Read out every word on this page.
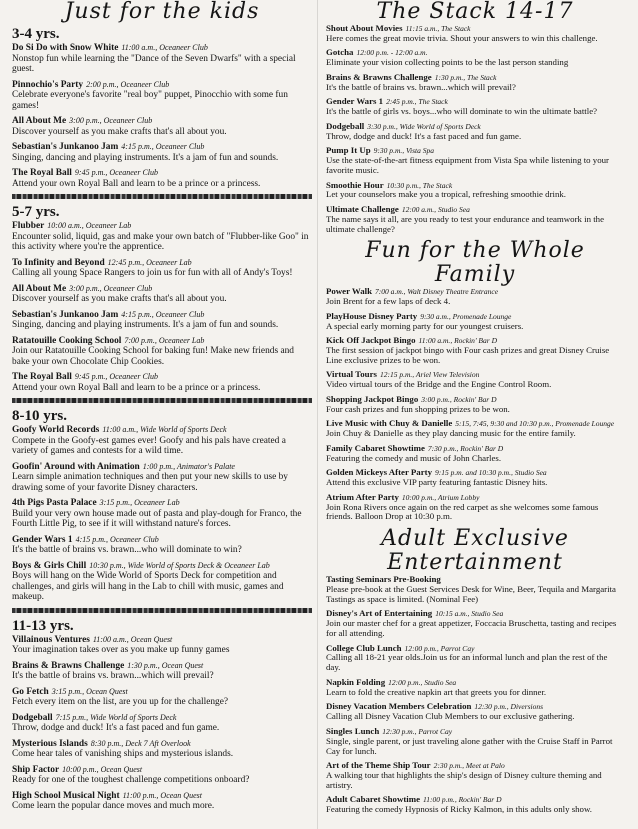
Just for the kids
3-4 yrs.
Do Si Do with Snow White 11:00 a.m., Oceaneer Club
Nonstop fun while learning the "Dance of the Seven Dwarfs" with a special guest.
Pinnochio's Party 2:00 p.m., Oceaneer Club
Celebrate everyone's favorite "real boy" puppet, Pinocchio with some fun games!
All About Me 3:00 p.m., Oceaneer Club
Discover yourself as you make crafts that's all about you.
Sebastian's Junkanoo Jam 4:15 p.m., Oceaneer Club
Singing, dancing and playing instruments. It's a jam of fun and sounds.
The Royal Ball 9:45 p.m., Oceaneer Club
Attend your own Royal Ball and learn to be a prince or a princess.
5-7 yrs.
Flubber 10:00 a.m., Oceaneer Lab
Encounter solid, liquid, gas and make your own batch of "Flubber-like Goo" in this activity where you're the apprentice.
To Infinity and Beyond 12:45 p.m., Oceaneer Lab
Calling all young Space Rangers to join us for fun with all of Andy's Toys!
All About Me 3:00 p.m., Oceaneer Club
Discover yourself as you make crafts that's all about you.
Sebastian's Junkanoo Jam 4:15 p.m., Oceaneer Club
Singing, dancing and playing instruments. It's a jam of fun and sounds.
Ratatouille Cooking School 7:00 p.m., Oceaneer Lab
Join our Ratatouille Cooking School for baking fun! Make new friends and bake your own Chocolate Chip Cookies.
The Royal Ball 9:45 p.m., Oceaneer Club
Attend your own Royal Ball and learn to be a prince or a princess.
8-10 yrs.
Goofy World Records 11:00 a.m., Wide World of Sports Deck
Compete in the Goofy-est games ever! Goofy and his pals have created a variety of games and contests for a wild time.
Goofin' Around with Animation 1:00 p.m., Animator's Palate
Learn simple animation techniques and then put your new skills to use by drawing some of your favorite Disney characters.
4th Pigs Pasta Palace 3:15 p.m., Oceaneer Lab
Build your very own house made out of pasta and play-dough for Franco, the Fourth Little Pig, to see if it will withstand nature's forces.
Gender Wars 1 4:15 p.m., Oceaneer Club
It's the battle of brains vs. brawn...who will dominate to win?
Boys & Girls Chill 10:30 p.m., Wide World of Sports Deck & Oceaneer Lab
Boys will hang on the Wide World of Sports Deck for competition and challenges, and girls will hang in the Lab to chill with music, games and makeup.
11-13 yrs.
Villainous Ventures 11:00 a.m., Ocean Quest
Your imagination takes over as you make up funny games
Brains & Brawns Challenge 1:30 p.m., Ocean Quest
It's the battle of brains vs. brawn...which will prevail?
Go Fetch 3:15 p.m., Ocean Quest
Fetch every item on the list, are you up for the challenge?
Dodgeball 7:15 p.m., Wide World of Sports Deck
Throw, dodge and duck! It's a fast paced and fun game.
Mysterious Islands 8:30 p.m., Deck 7 Aft Overlook
Come hear tales of vanishing ships and mysterious islands.
Ship Factor 10:00 p.m., Ocean Quest
Ready for one of the toughest challenge competitions onboard?
High School Musical Night 11:00 p.m., Ocean Quest
Come learn the popular dance moves and much more.
The Stack 14-17
Shout About Movies 11:15 a.m., The Stack
Here comes the great movie trivia. Shout your answers to win this challenge.
Gotcha 12:00 p.m. - 12:00 a.m.
Eliminate your vision collecting points to be the last person standing
Brains & Brawns Challenge 1:30 p.m., The Stack
It's the battle of brains vs. brawn...which will prevail?
Gender Wars 1 2:45 p.m., The Stack
It's the battle of girls vs. boys...who will dominate to win the ultimate battle?
Dodgeball 3:30 p.m., Wide World of Sports Deck
Throw, dodge and duck! It's a fast paced and fun game.
Pump It Up 9:30 p.m., Vista Spa
Use the state-of-the-art fitness equipment from Vista Spa while listening to your favorite music.
Smoothie Hour 10:30 p.m., The Stack
Let your counselors make you a tropical, refreshing smoothie drink.
Ultimate Challenge 12:00 a.m., Studio Sea
The name says it all, are you ready to test your endurance and teamwork in the ultimate challenge?
Fun for the Whole Family
Power Walk 7:00 a.m., Walt Disney Theatre Entrance
Join Brent for a few laps of deck 4.
PlayHouse Disney Party 9:30 a.m., Promenade Lounge
A special early morning party for our youngest cruisers.
Kick Off Jackpot Bingo 11:00 a.m., Rockin' Bar D
The first session of jackpot bingo with Four cash prizes and great Disney Cruise Line exclusive prizes to be won.
Virtual Tours 12:15 p.m., Ariel View Television
Video virtual tours of the Bridge and the Engine Control Room.
Shopping Jackpot Bingo 3:00 p.m., Rockin' Bar D
Four cash prizes and fun shopping prizes to be won.
Live Music with Chuy & Danielle 5:15, 7:45, 9:30 and 10:30 p.m., Promenade Lounge
Join Chuy & Danielle as they play dancing music for the entire family.
Family Cabaret Showtime 7:30 p.m., Rockin' Bar D
Featuring the comedy and music of John Charles.
Golden Mickeys After Party 9:15 p.m. and 10:30 p.m., Studio Sea
Attend this exclusive VIP party featuring fantastic Disney hits.
Atrium After Party 10:00 p.m., Atrium Lobby
Join Rona Rivers once again on the red carpet as she welcomes some famous friends. Balloon Drop at 10:30 p.m.
Adult Exclusive Entertainment
Tasting Seminars Pre-Booking
Please pre-book at the Guest Services Desk for Wine, Beer, Tequila and Margarita Tastings as space is limited. (Nominal Fee)
Disney's Art of Entertaining 10:15 a.m., Studio Sea
Join our master chef for a great appetizer, Foccacia Bruschetta, tasting and recipes for all attending.
College Club Lunch 12:00 p.m., Parrot Cay
Calling all 18-21 year olds.Join us for an informal lunch and plan the rest of the day.
Napkin Folding 12:00 p.m., Studio Sea
Learn to fold the creative napkin art that greets you for dinner.
Disney Vacation Members Celebration 12:30 p.m., Diversions
Calling all Disney Vacation Club Members to our exclusive gathering.
Singles Lunch 12:30 p.m., Parrot Cay
Single, single parent, or just traveling alone gather with the Cruise Staff in Parrot Cay for lunch.
Art of the Theme Ship Tour 2:30 p.m., Meet at Palo
A walking tour that highlights the ship's design of Disney culture theming and artistry.
Adult Cabaret Showtime 11:00 p.m., Rockin' Bar D
Featuring the comedy Hypnosis of Ricky Kalmon, in this adults only show.
